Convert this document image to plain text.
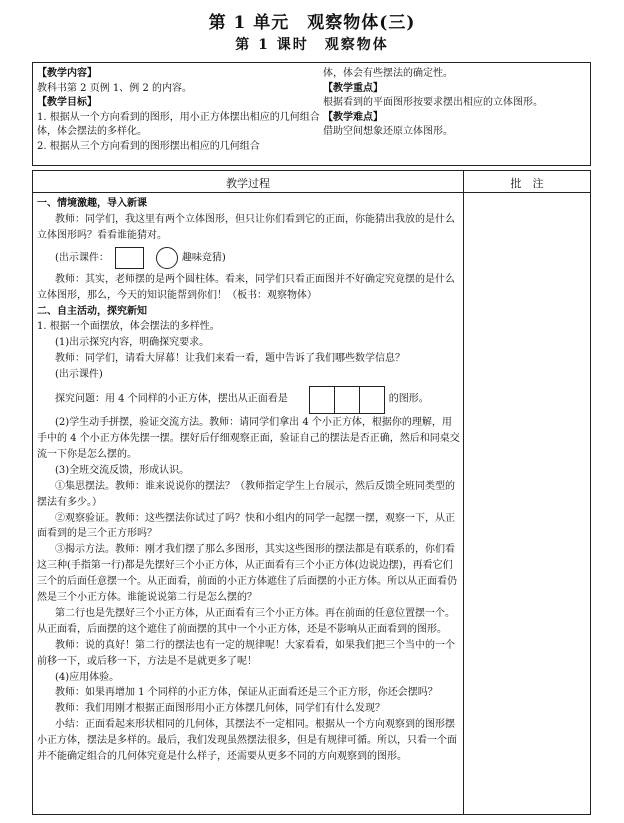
第 1 单元　观察物体(三)
第 1 课时　观察物体
【教学内容】
教科书第 2 页例 1、例 2 的内容。
【教学目标】
1. 根据从一个方向看到的图形，用小正方体摆出相应的几何组合体，体会摆法的多样化。
2. 根据从三个方向看到的图形摆出相应的几何组合
体，体会有些摆法的确定性。
【教学重点】
根据看到的平面图形按要求摆出相应的立体图形。
【教学难点】
借助空间想象还原立体图形。
教学过程	批　注

一、情境激趣，导入新课

教师：同学们，我这里有两个立体图形，但只让你们看到它的正面，你能猜出我放的是什么立体图形吗？看看谁能猜对。

(出示课件：	趣味竞猜)

教师：其实，老师摆的是两个圆柱体。看来，同学们只看正面图并不好确定究竟摆的是什么立体图形，那么，今天的知识能帮到你们！（板书：观察物体）

二、自主活动，探究新知

1. 根据一个面摆放，体会摆法的多样性。

(1)出示探究内容，明确探究要求。

教师：同学们，请看大屏幕！让我们来看一看，题中告诉了我们哪些数学信息？

(出示课件)

探究问题：用 4 个同样的小正方体，摆出从正面看是	的图形。

(2)学生动手拼摆，验证交流方法。教师：请同学们拿出 4 个小正方体，根据你的理解，用手中的 4 个小正方体先摆一摆。摆好后仔细观察正面，验证自己的摆法是否正确，然后和同桌交流一下你是怎么摆的。

(3)全班交流反馈，形成认识。

①集思摆法。教师：谁来说说你的摆法？（教师指定学生上台展示，然后反馈全班同类型的摆法有多少。）

②观察验证。教师：这些摆法你试过了吗？快和小组内的同学一起摆一摆，观察一下，从正面看到的是三个正方形吗？

③揭示方法。教师：刚才我们摆了那么多图形，其实这些图形的摆法都是有联系的，你们看这三种(手指第一行)都是先摆好三个小正方体，从正面看有三个小正方体(边说边摆)，再看它们三个的后面任意摆一个。从正面看，前面的小正方体遮住了后面摆的小正方体。所以从正面看仍然是三个小正方体。谁能说说第二行是怎么摆的？

第二行也是先摆好三个小正方体，从正面看有三个小正方体。再在前面的任意位置摆一个。从正面看，后面摆的这个遮住了前面摆的其中一个小正方体，还是不影响从正面看到的图形。

教师：说的真好！第二行的摆法也有一定的规律呢！大家看看，如果我们把三个当中的一个前移一下，或后移一下，方法是不是就更多了呢！

(4)应用体验。

教师：如果再增加 1 个同样的小正方体，保证从正面看还是三个正方形，你还会摆吗？

教师：我们用刚才根据正面图形用小正方体摆几何体，同学们有什么发现？

小结：正面看起来形状相同的几何体，其摆法不一定相同。根据从一个方向观察到的图形摆小正方体，摆法是多样的。最后，我们发现虽然摆法很多，但是有规律可循。所以，只看一个面并不能确定组合的几何体究竟是什么样子，还需要从更多不同的方向观察到的图形。
